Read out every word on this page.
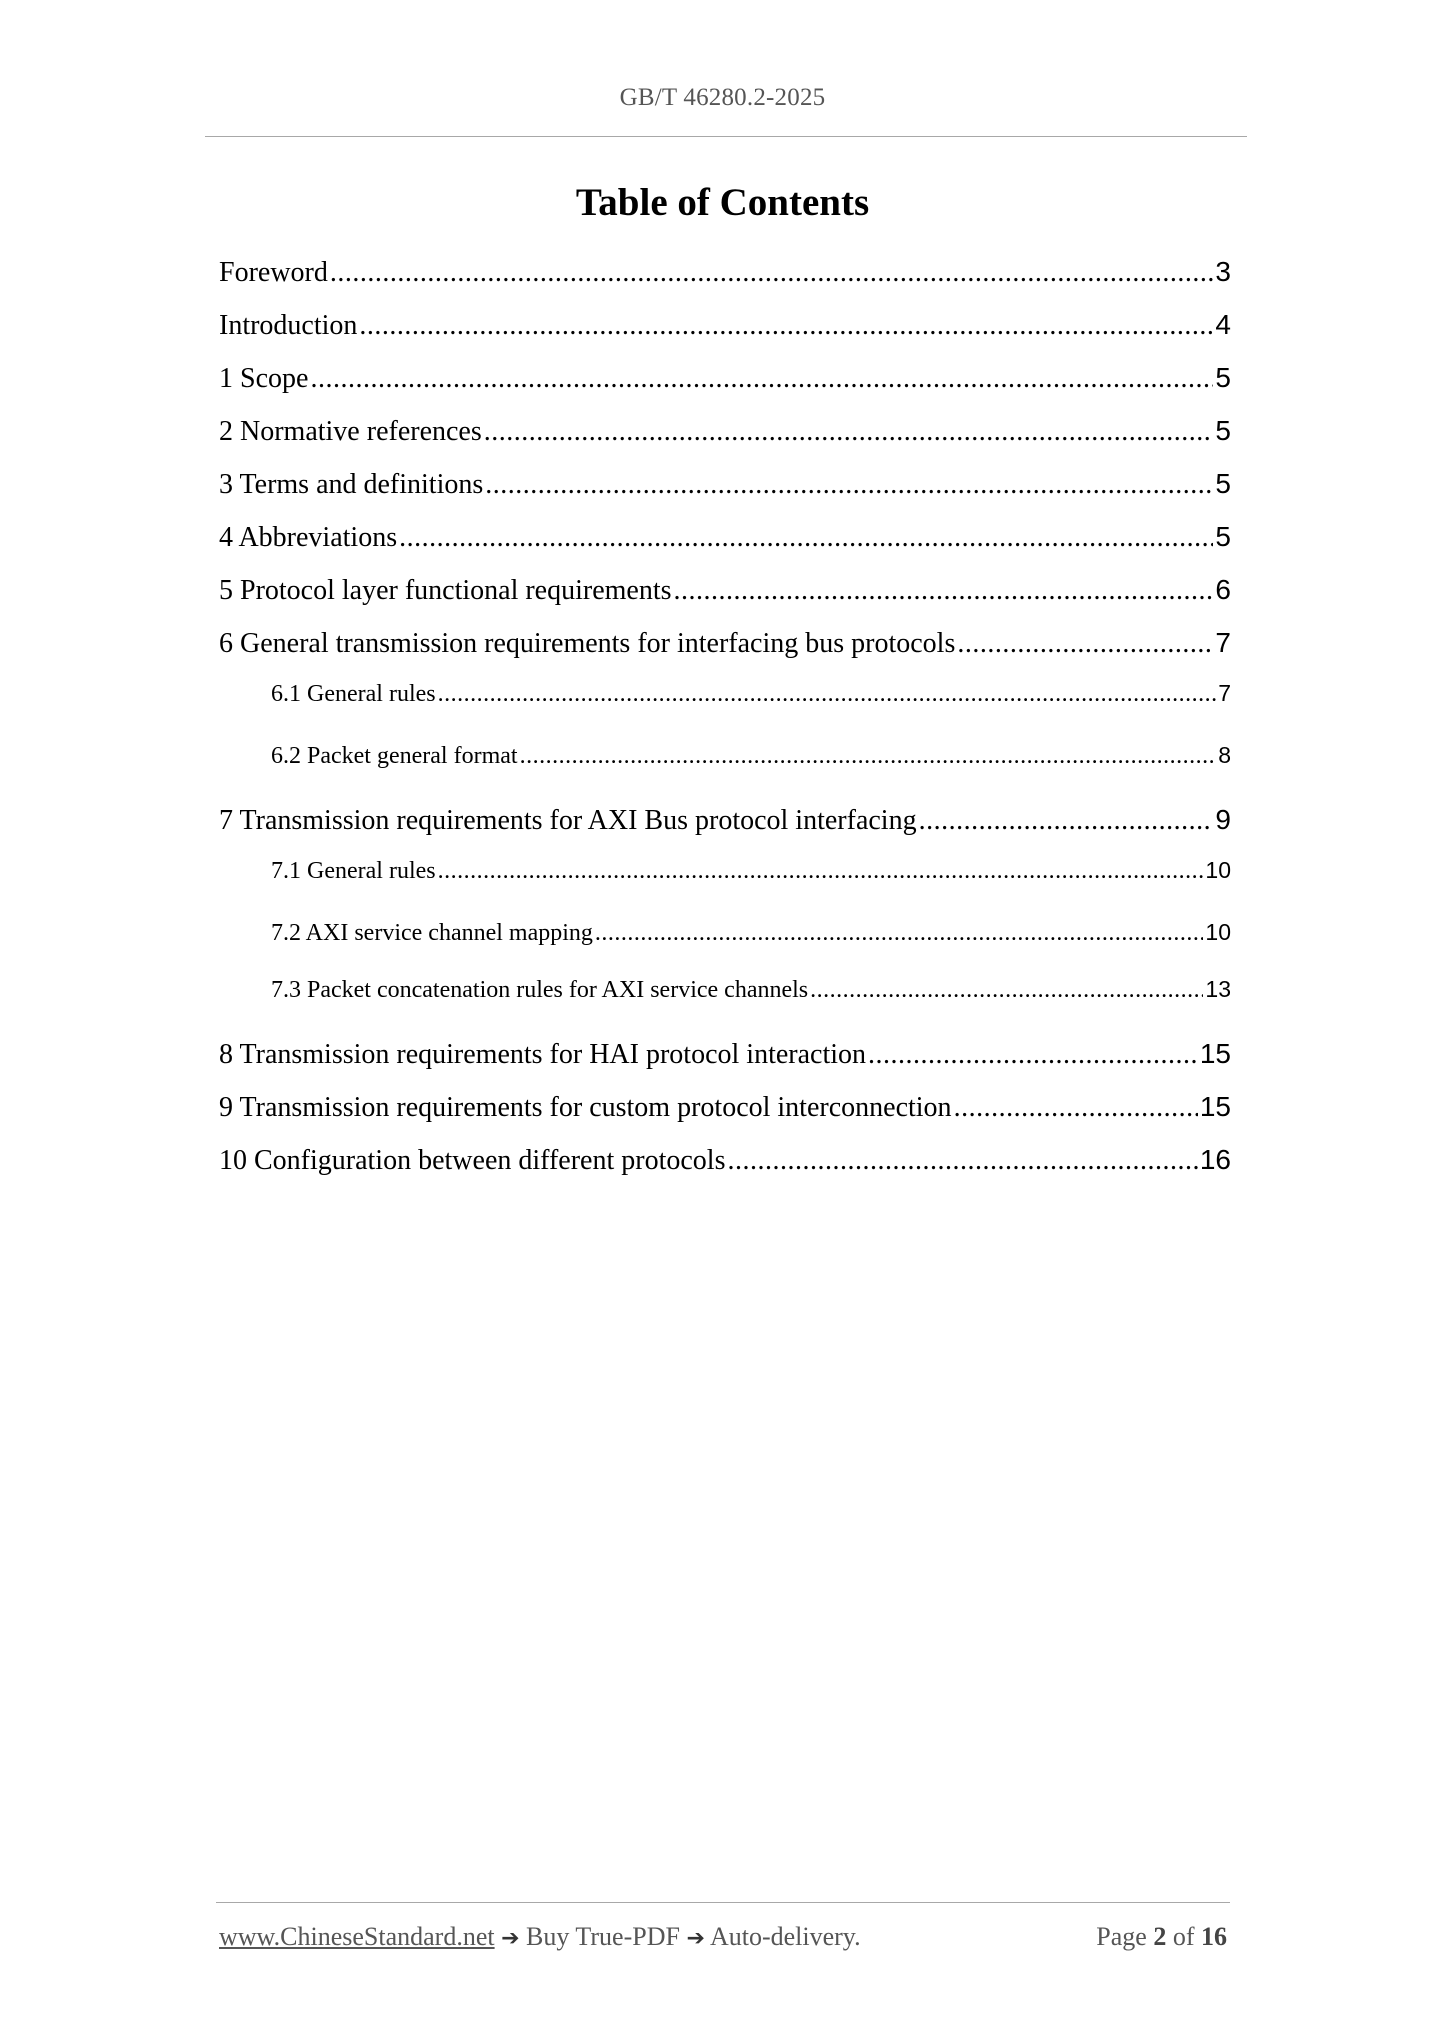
GB/T 46280.2-2025
Table of Contents
Foreword .....	3
Introduction .....	4
1 Scope .....	5
2 Normative references .....	5
3 Terms and definitions .....	5
4 Abbreviations .....	5
5 Protocol layer functional requirements .....	6
6 General transmission requirements for interfacing bus protocols .....	7
6.1 General rules .....	7
6.2 Packet general format .....	8
7 Transmission requirements for AXI Bus protocol interfacing .....	9
7.1 General rules .....	10
7.2 AXI service channel mapping .....	10
7.3 Packet concatenation rules for AXI service channels .....	13
8 Transmission requirements for HAI protocol interaction .....	15
9 Transmission requirements for custom protocol interconnection .....	15
10 Configuration between different protocols .....	16
www.ChineseStandard.net ➔ Buy True-PDF ➔ Auto-delivery.	Page 2 of 16
